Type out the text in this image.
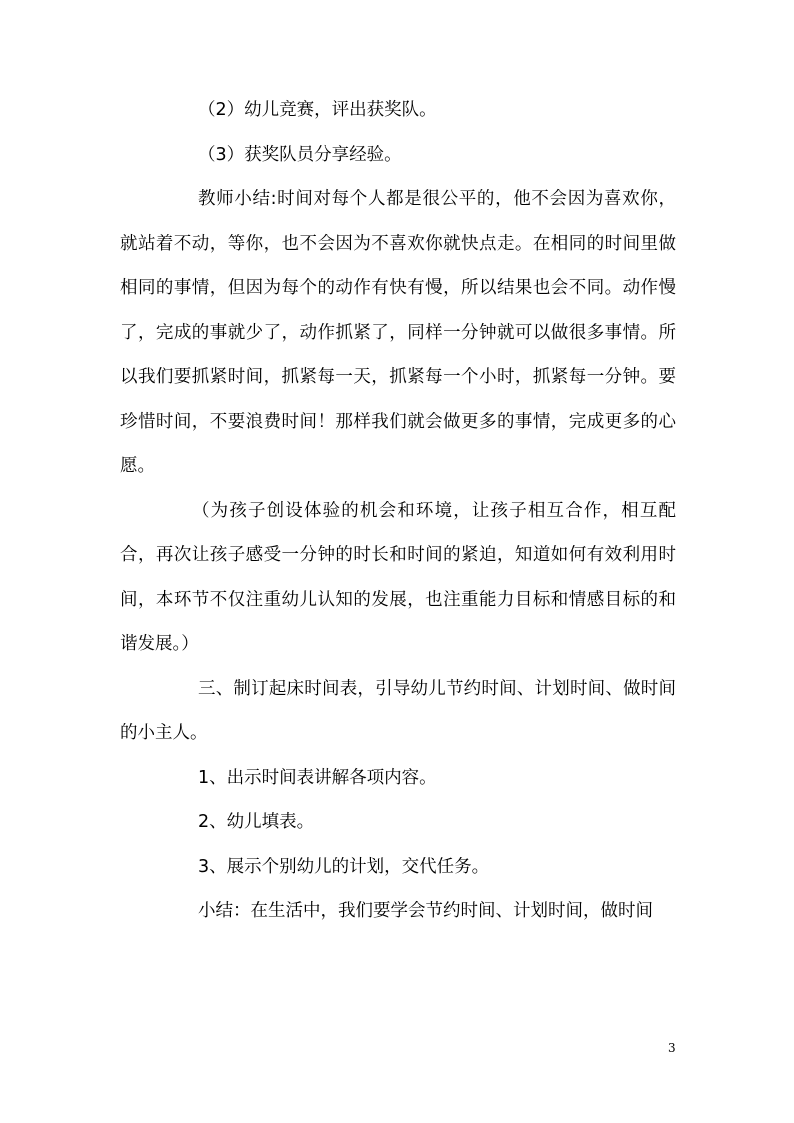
（2）幼儿竞赛，评出获奖队。

（3）获奖队员分享经验。

教师小结:时间对每个人都是很公平的，他不会因为喜欢你，就站着不动，等你，也不会因为不喜欢你就快点走。在相同的时间里做相同的事情，但因为每个的动作有快有慢，所以结果也会不同。动作慢了，完成的事就少了，动作抓紧了，同样一分钟就可以做很多事情。所以我们要抓紧时间，抓紧每一天，抓紧每一个小时，抓紧每一分钟。要珍惜时间，不要浪费时间！那样我们就会做更多的事情，完成更多的心愿。

（为孩子创设体验的机会和环境，让孩子相互合作，相互配合，再次让孩子感受一分钟的时长和时间的紧迫，知道如何有效利用时间，本环节不仅注重幼儿认知的发展，也注重能力目标和情感目标的和谐发展。）

三、制订起床时间表，引导幼儿节约时间、计划时间、做时间的小主人。

1、出示时间表讲解各项内容。

2、幼儿填表。

3、展示个别幼儿的计划，交代任务。

小结：在生活中，我们要学会节约时间、计划时间，做时间

3
